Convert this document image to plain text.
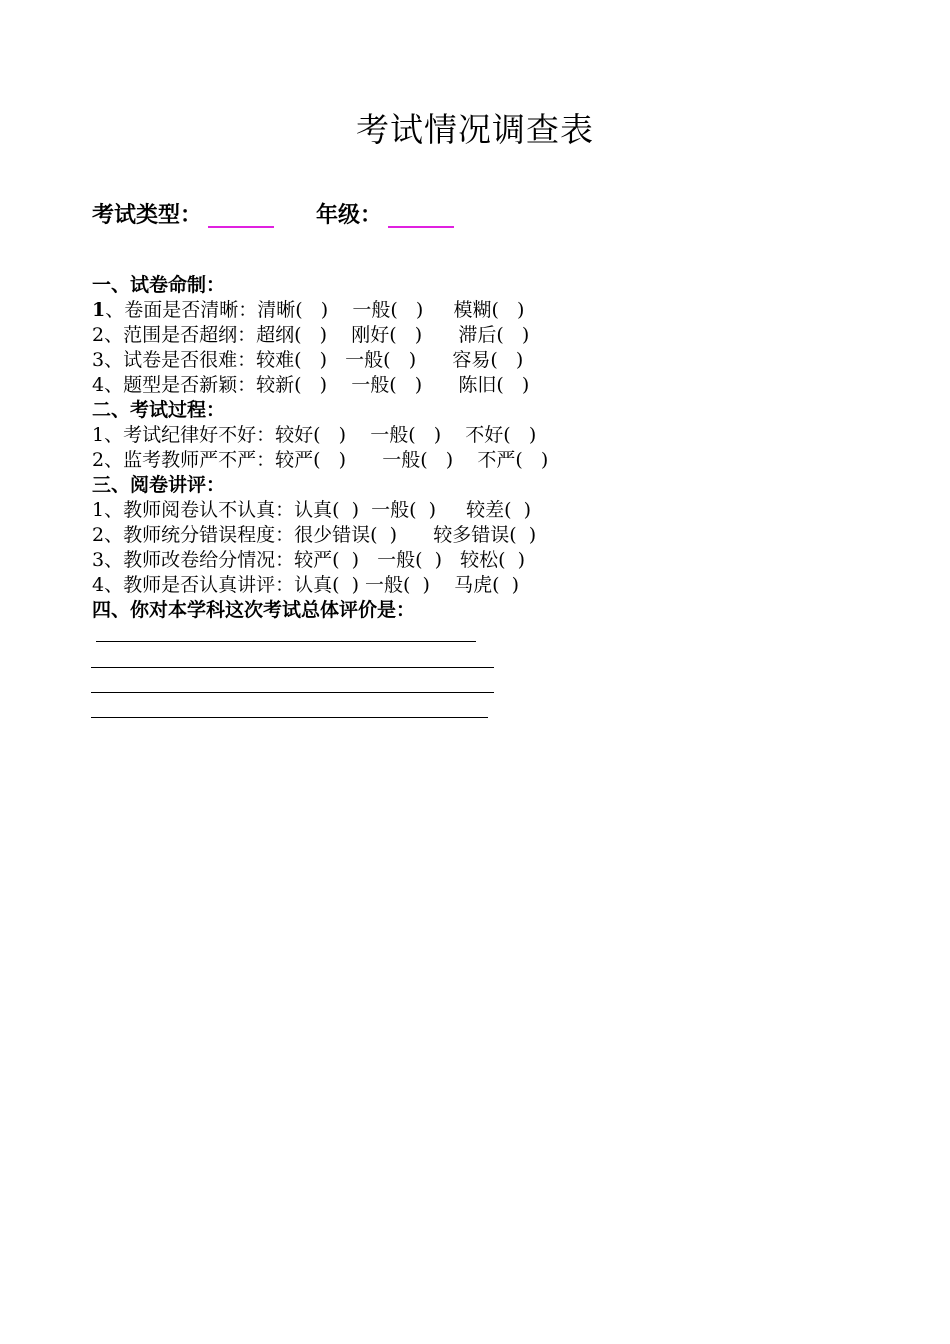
考试情况调查表
考试类型：	年级：
一、试卷命制：
1、卷面是否清晰：清晰(   )    一般(   )     模糊(   )
2、范围是否超纲：超纲(   )    刚好(   )      滞后(   )
3、试卷是否很难：较难(   )   一般(   )      容易(   )
4、题型是否新颖：较新(   )    一般(   )      陈旧(   )
二、考试过程：
1、考试纪律好不好：较好(   )    一般(   )    不好(   )
2、监考教师严不严：较严(   )      一般(   )    不严(   )
三、阅卷讲评：
1、教师阅卷认不认真：认真(  )  一般(  )     较差(  )
2、教师统分错误程度：很少错误(  )      较多错误(  )
3、教师改卷给分情况：较严(  )   一般(  )   较松(  )
4、教师是否认真讲评：认真(  ) 一般(  )    马虎(  )
四、你对本学科这次考试总体评价是：
